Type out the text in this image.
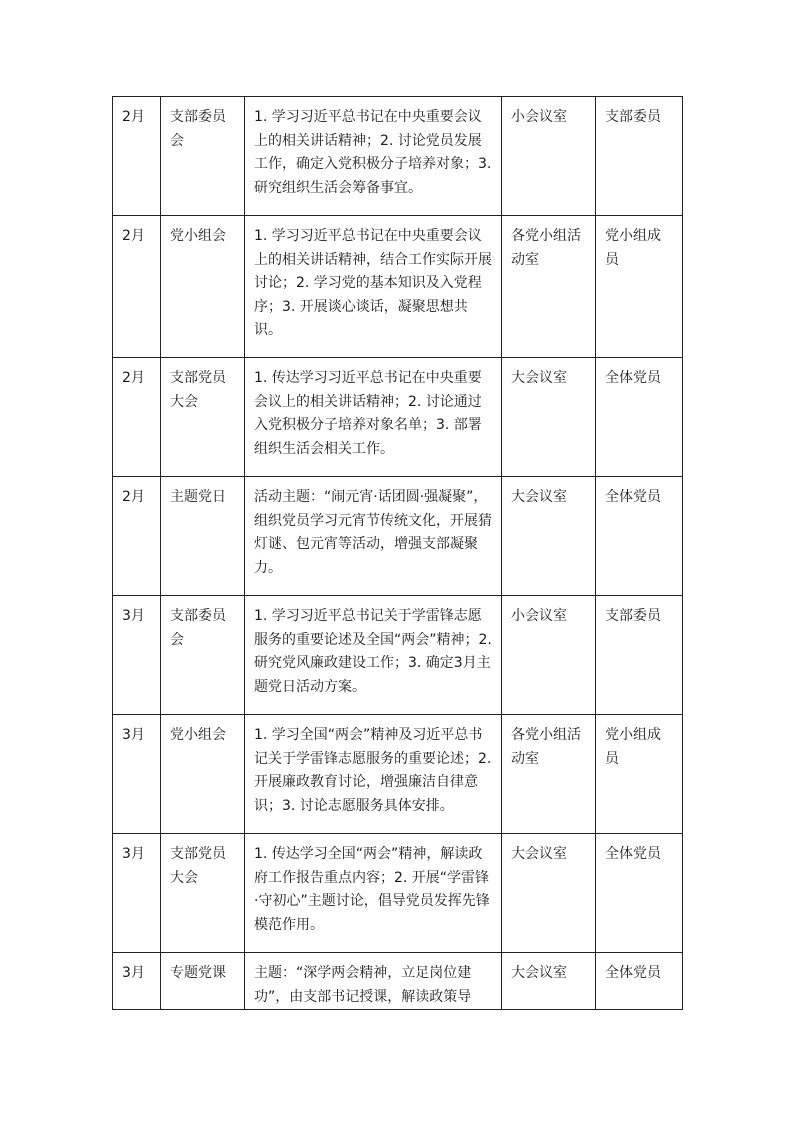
2月	支部委员会	1. 学习习近平总书记在中央重要会议上的相关讲话精神；2. 讨论党员发展工作，确定入党积极分子培养对象；3. 研究组织生活会筹备事宜。	小会议室	支部委员
2月	党小组会	1. 学习习近平总书记在中央重要会议上的相关讲话精神，结合工作实际开展讨论；2. 学习党的基本知识及入党程序；3. 开展谈心谈话，凝聚思想共识。	各党小组活动室	党小组成员
2月	支部党员大会	1. 传达学习习近平总书记在中央重要会议上的相关讲话精神；2. 讨论通过入党积极分子培养对象名单；3. 部署组织生活会相关工作。	大会议室	全体党员
2月	主题党日	活动主题：“闹元宵·话团圆·强凝聚”，组织党员学习元宵节传统文化，开展猜灯谜、包元宵等活动，增强支部凝聚力。	大会议室	全体党员
3月	支部委员会	1. 学习习近平总书记关于学雷锋志愿服务的重要论述及全国“两会”精神；2. 研究党风廉政建设工作；3. 确定3月主题党日活动方案。	小会议室	支部委员
3月	党小组会	1. 学习全国“两会”精神及习近平总书记关于学雷锋志愿服务的重要论述；2. 开展廉政教育讨论，增强廉洁自律意识；3. 讨论志愿服务具体安排。	各党小组活动室	党小组成员
3月	支部党员大会	1. 传达学习全国“两会”精神，解读政府工作报告重点内容；2. 开展“学雷锋·守初心”主题讨论，倡导党员发挥先锋模范作用。	大会议室	全体党员
3月	专题党课	主题：“深学两会精神，立足岗位建功”，由支部书记授课，解读政策导	大会议室	全体党员
